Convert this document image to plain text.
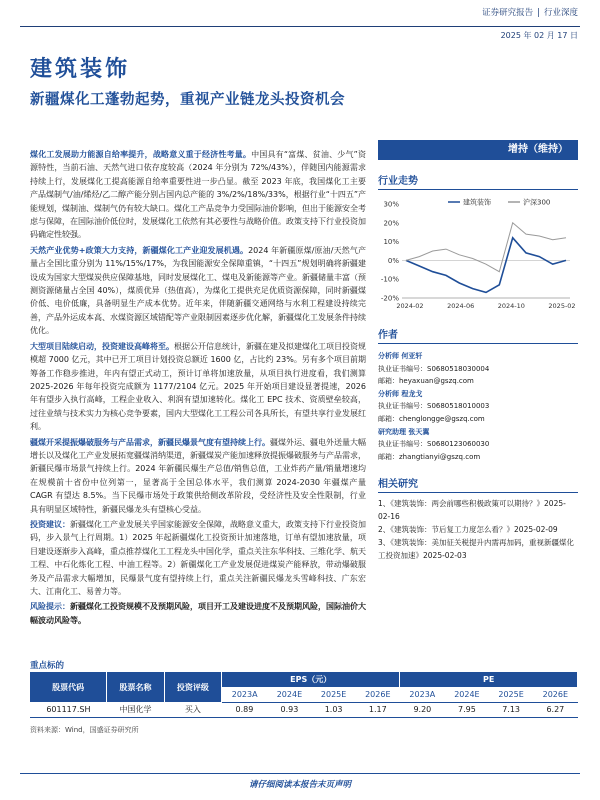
证券研究报告 | 行业深度
2025 年 02 月 17 日
建筑装饰
新疆煤化工蓬勃起势，重视产业链龙头投资机会

煤化工发展助力能源自给率提升，战略意义重于经济性考量。中国具有“富煤、贫油、少气”资源特性，当前石油、天然气进口依存度较高（2024 年分别为 72%/43%），伴随国内能源需求持续上行，发展煤化工提高能源自给率重要性进一步凸显。截至 2023 年底，我国煤化工主要产品煤制气/油/烯烃/乙二醇产能分别占国内总产能的 3%/2%/18%/33%，根据行业“十四五”产能规划，煤制油、煤制气仍有较大缺口。煤化工产品竞争力受国际油价影响，但出于能源安全考虑与保障，在国际油价低位时，发展煤化工依然有其必要性与战略价值。政策支持下行业投资加码确定性较强。

天然产业优势+政策大力支持，新疆煤化工产业迎发展机遇。2024 年新疆原煤/原油/天然气产量占全国比重分别为 11%/15%/17%，为我国能源安全保障重镇，“十四五”规划明确将新疆建设成为国家大型煤炭供应保障基地，同时发展煤化工、煤电及新能源等产业。新疆储量丰富（预测资源储量占全国 40%），煤质优异（热值高），为煤化工提供充足优质资源保障，同时新疆煤价低、电价低廉，具备明显生产成本优势。近年来，伴随新疆交通网络与水利工程建设持续完善，产品外运成本高、水煤资源区域错配等产业限制因素逐步优化解，新疆煤化工发展条件持续优化。

大型项目陆续启动，投资建设高峰将至。根据公开信息统计，新疆在建及拟建煤化工项目投资规模超 7000 亿元，其中已开工项目计划投资总额近 1600 亿，占比约 23%。另有多个项目前期筹备工作稳步推进，年内有望正式动工，预计订单将加速放量，从项目执行进度看，我们测算 2025-2026 年每年投资完成额为 1177/2104 亿元。2025 年开始项目建设显著提速，2026 年有望步入执行高峰，工程企业收入、利润有望加速转化。煤化工 EPC 技术、资质壁垒较高，过往业绩与技术实力为核心竞争要素，国内大型煤化工工程公司各具所长，有望共享行业发展红利。

疆煤开采提振爆破服务与产品需求，新疆民爆景气度有望持续上行。疆煤外运、疆电外送量大幅增长以及煤化工产业发展拓宽疆煤消纳渠道，新疆煤炭产能加速释放提振爆破服务与产品需求，新疆民爆市场景气持续上行。2024 年新疆民爆生产总值/销售总值，工业炸药产量/销量增速均在规模前十省份中位列第一，显著高于全国总体水平，我们测算 2024-2030 年疆煤产量 CAGR 有望达 8.5%。当下民爆市场处于政策供给侧改革阶段，受经济性及安全性限制，行业具有明显区域特性，新疆民爆龙头有望核心受益。

投资建议：新疆煤化工产业发展关乎国家能源安全保障，战略意义重大，政策支持下行业投资加码，步入景气上行周期。1）2025 年起新疆煤化工投资预计加速落地，订单有望加速放量，项目建设逐渐步入高峰，重点推荐煤化工工程龙头中国化学，重点关注东华科技、三维化学、航天工程、中石化炼化工程、中油工程等。2）新疆煤化工产业发展促进煤炭产能释放，带动爆破服务及产品需求大幅增加，民爆景气度有望持续上行，重点关注新疆民爆龙头雪峰科技、广东宏大、江南化工、易普力等。

风险提示：新疆煤化工投资规模不及预期风险，项目开工及建设进度不及预期风险，国际油价大幅波动风险等。

增持（维持）
行业走势
30%
20%
10%
0%
-10%
-20%
2024-02	2024-06	2024-10	2025-02
建筑装饰	沪深300
作者
分析师 何亚轩
执业证书编号：S0680518030004
邮箱：heyaxuan@gszq.com
分析师 程龙戈
执业证书编号：S0680518010003
邮箱：chenglongge@gszq.com
研究助理 张天翼
执业证书编号：S0680123060030
邮箱：zhangtianyi@gszq.com
相关研究
1、《建筑装饰：两会前哪些积极政策可以期待？》2025-02-16
2、《建筑装饰：节后复工力度怎么看？》2025-02-09
3、《建筑装饰：美加征关税提升内需再加码，重视新疆煤化工投资加速》2025-02-03
重点标的
股票代码	股票名称	投资评级	EPS（元）				PE			
			2023A	2024E	2025E	2026E	2023A	2024E	2025E	2026E
601117.SH	中国化学	买入	0.89	0.93	1.03	1.17	9.20	7.95	7.13	6.27
资料来源：Wind，国盛证券研究所
请仔细阅读本报告末页声明
